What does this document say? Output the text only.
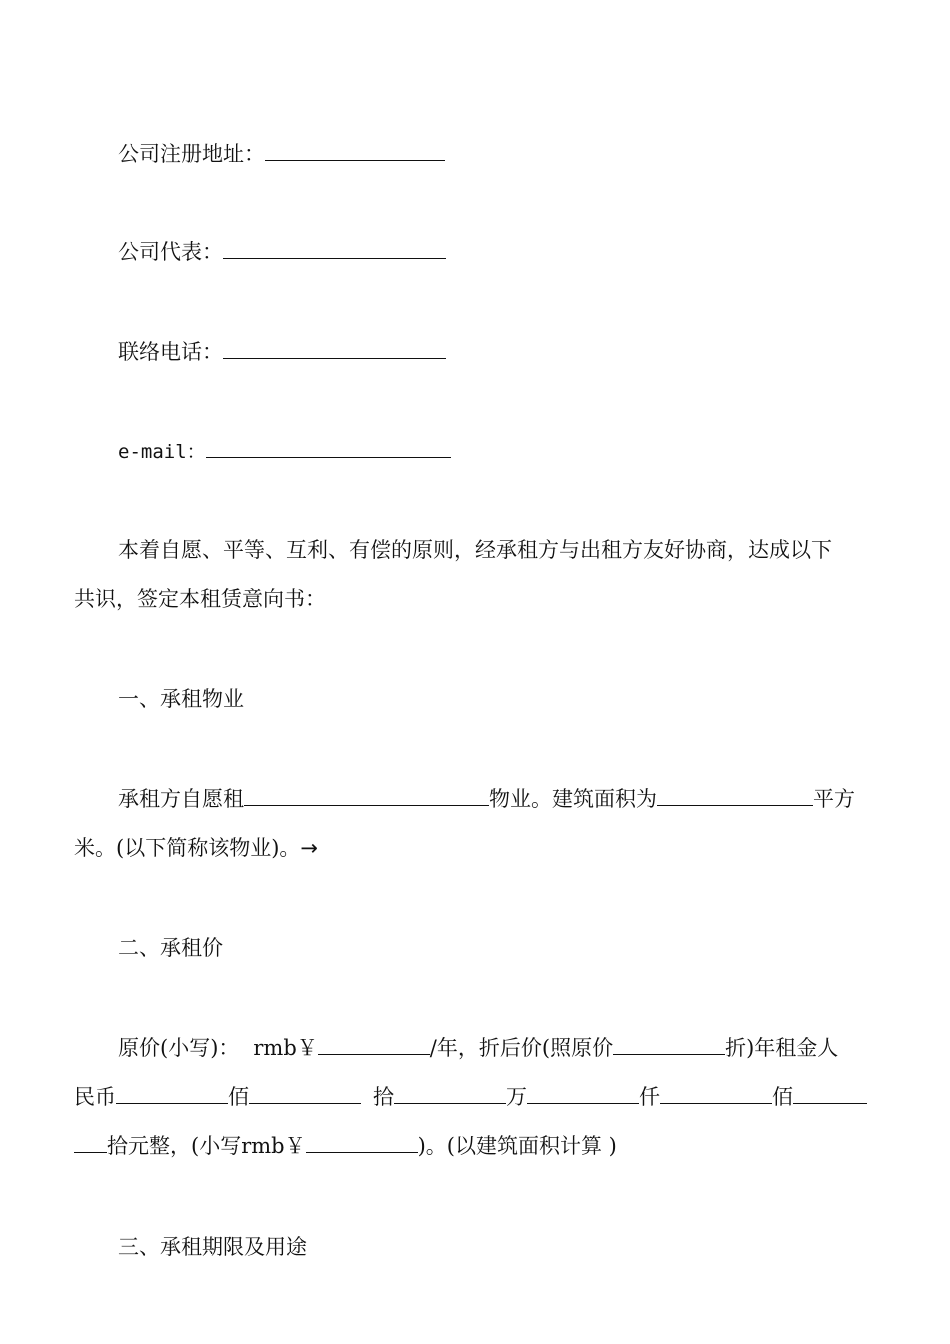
公司注册地址：
公司代表：
联络电话：
e-mail：
本着自愿、平等、互利、有偿的原则，经承租方与出租方友好协商，达成以下
共识，签定本租赁意向书：
一、承租物业
承租方自愿租	物业。建筑面积为	平方
米。(以下简称该物业)。→
二、承租价
原价(小写)： rmb￥	/年，折后价(照原价	折)年租金人
民币	佰	拾	万	仟	佰
拾元整，(小写rmb￥	)。(以建筑面积计算 )
三、承租期限及用途
